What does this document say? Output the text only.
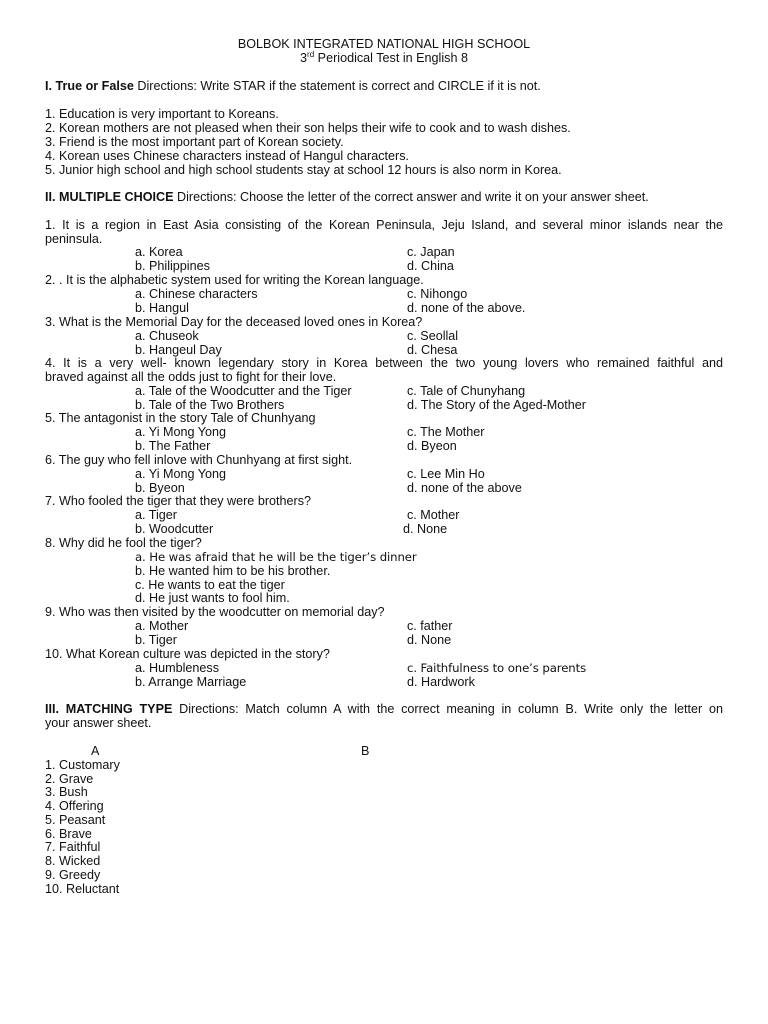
BOLBOK INTEGRATED NATIONAL HIGH SCHOOL
3rd Periodical Test in English 8
I. True or False Directions: Write STAR if the statement is correct and CIRCLE if it is not.
1. Education is very important to Koreans.
2. Korean mothers are not pleased when their son helps their wife to cook and to wash dishes.
3. Friend is the most important part of Korean society.
4. Korean uses Chinese characters instead of Hangul characters.
5. Junior high school and high school students stay at school 12 hours is also norm in Korea.
II. MULTIPLE CHOICE Directions: Choose the letter of the correct answer and write it on your answer sheet.
1. It is a region in East Asia consisting of the Korean Peninsula, Jeju Island, and several minor islands near the
peninsula.
a. Korea	c. Japan
b. Philippines	d. China
2. . It is the alphabetic system used for writing the Korean language.
a. Chinese characters	c. Nihongo
b. Hangul	d. none of the above.
3. What is the Memorial Day for the deceased loved ones in Korea?
a. Chuseok	c. Seollal
b. Hangeul Day	d. Chesa
4. It is a very well- known legendary story in Korea between the two young lovers who remained faithful and
braved against all the odds just to fight for their love.
a. Tale of the Woodcutter and the Tiger	c. Tale of Chunyhang
b. Tale of the Two Brothers	d. The Story of the Aged-Mother
5. The antagonist in the story Tale of Chunhyang
a. Yi Mong Yong	c. The Mother
b. The Father	d. Byeon
6. The guy who fell inlove with Chunhyang at first sight.
a. Yi Mong Yong	c. Lee Min Ho
b. Byeon	d. none of the above
7. Who fooled the tiger that they were brothers?
a. Tiger	c. Mother
b. Woodcutter	d. None
8. Why did he fool the tiger?
a. He was afraid that he will be the tiger’s dinner
b. He wanted him to be his brother.
c. He wants to eat the tiger
d. He just wants to fool him.
9. Who was then visited by the woodcutter on memorial day?
a. Mother	c. father
b. Tiger	d. None
10. What Korean culture was depicted in the story?
a. Humbleness	c. Faithfulness to one’s parents
b. Arrange Marriage	d. Hardwork
III. MATCHING TYPE Directions: Match column A with the correct meaning in column B. Write only the letter on
your answer sheet.
A	B
1. Customary
2. Grave
3. Bush
4. Offering
5. Peasant
6. Brave
7. Faithful
8. Wicked
9. Greedy
10. Reluctant
